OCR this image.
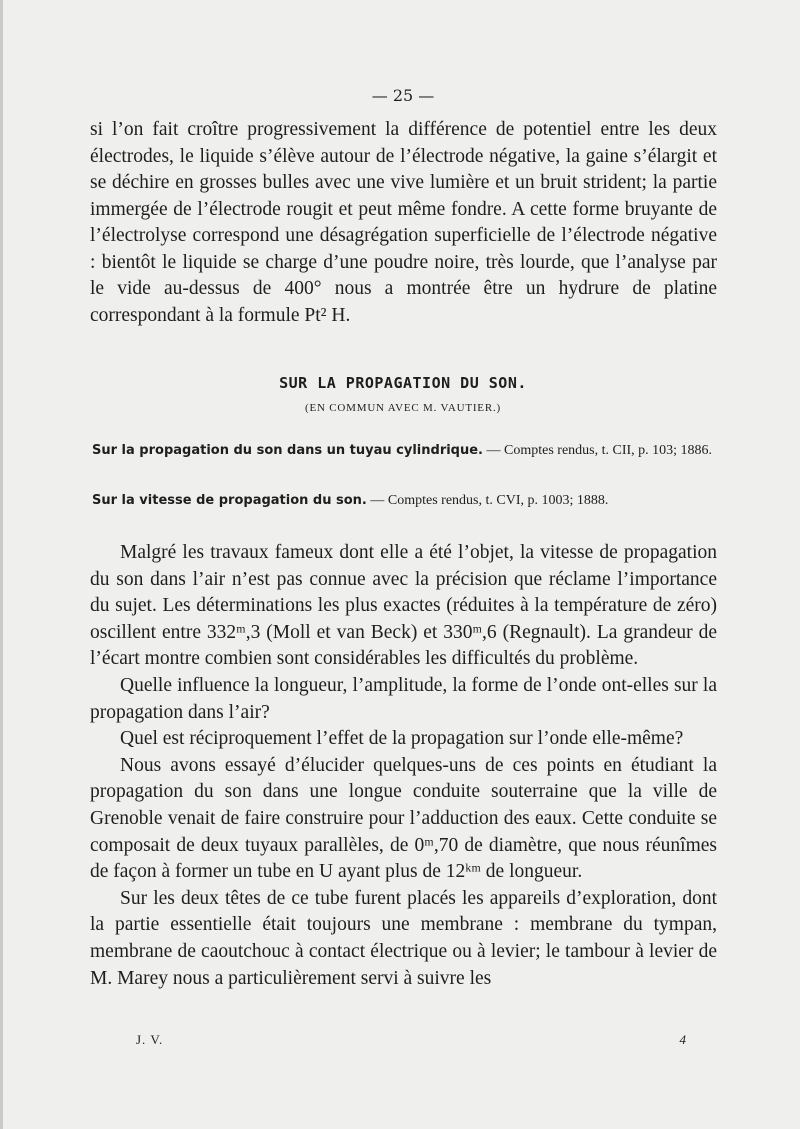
— 25 —

si l’on fait croître progressivement la différence de potentiel entre les deux électrodes, le liquide s’élève autour de l’électrode négative, la gaine s’élargit et se déchire en grosses bulles avec une vive lumière et un bruit strident; la partie immergée de l’électrode rougit et peut même fondre. A cette forme bruyante de l’électrolyse correspond une désagrégation superficielle de l’électrode négative : bientôt le liquide se charge d’une poudre noire, très lourde, que l’analyse par le vide au-dessus de 400° nous a montrée être un hydrure de platine correspondant à la formule Pt² H.

SUR LA PROPAGATION DU SON.
(EN COMMUN AVEC M. VAUTIER.)

Sur la propagation du son dans un tuyau cylindrique. — Comptes rendus, t. CII, p. 103; 1886.

Sur la vitesse de propagation du son. — Comptes rendus, t. CVI, p. 1003; 1888.

Malgré les travaux fameux dont elle a été l’objet, la vitesse de propagation du son dans l’air n’est pas connue avec la précision que réclame l’importance du sujet. Les déterminations les plus exactes (réduites à la température de zéro) oscillent entre 332ᵐ,3 (Moll et van Beck) et 330ᵐ,6 (Regnault). La grandeur de l’écart montre combien sont considérables les difficultés du problème.

Quelle influence la longueur, l’amplitude, la forme de l’onde ont-elles sur la propagation dans l’air?

Quel est réciproquement l’effet de la propagation sur l’onde elle-même?

Nous avons essayé d’élucider quelques-uns de ces points en étudiant la propagation du son dans une longue conduite souterraine que la ville de Grenoble venait de faire construire pour l’adduction des eaux. Cette conduite se composait de deux tuyaux parallèles, de 0ᵐ,70 de diamètre, que nous réunîmes de façon à former un tube en U ayant plus de 12ᵏᵐ de longueur.

Sur les deux têtes de ce tube furent placés les appareils d’exploration, dont la partie essentielle était toujours une membrane : membrane du tympan, membrane de caoutchouc à contact électrique ou à levier; le tambour à levier de M. Marey nous a particulièrement servi à suivre les

J. V.	4
